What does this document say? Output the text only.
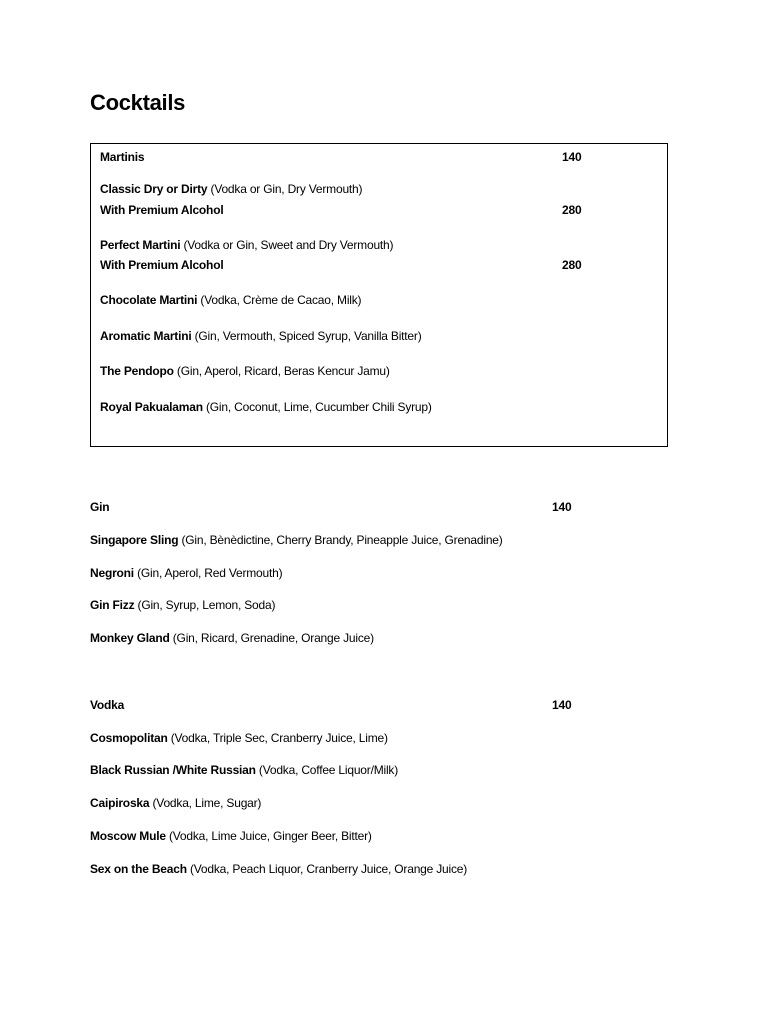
Cocktails
Martinis	140
Classic Dry or Dirty (Vodka or Gin, Dry Vermouth)
With Premium Alcohol	280
Perfect Martini (Vodka or Gin, Sweet and Dry Vermouth)
With Premium Alcohol	280
Chocolate Martini (Vodka, Crème de Cacao, Milk)
Aromatic Martini (Gin, Vermouth, Spiced Syrup, Vanilla Bitter)
The Pendopo (Gin, Aperol, Ricard, Beras Kencur Jamu)
Royal Pakualaman (Gin, Coconut, Lime, Cucumber Chili Syrup)
Gin	140
Singapore Sling (Gin, Bènèdictine, Cherry Brandy, Pineapple Juice, Grenadine)
Negroni (Gin, Aperol, Red Vermouth)
Gin Fizz (Gin, Syrup, Lemon, Soda)
Monkey Gland (Gin, Ricard, Grenadine, Orange Juice)
Vodka	140
Cosmopolitan (Vodka, Triple Sec, Cranberry Juice, Lime)
Black Russian /White Russian (Vodka, Coffee Liquor/Milk)
Caipiroska (Vodka, Lime, Sugar)
Moscow Mule (Vodka, Lime Juice, Ginger Beer, Bitter)
Sex on the Beach (Vodka, Peach Liquor, Cranberry Juice, Orange Juice)
